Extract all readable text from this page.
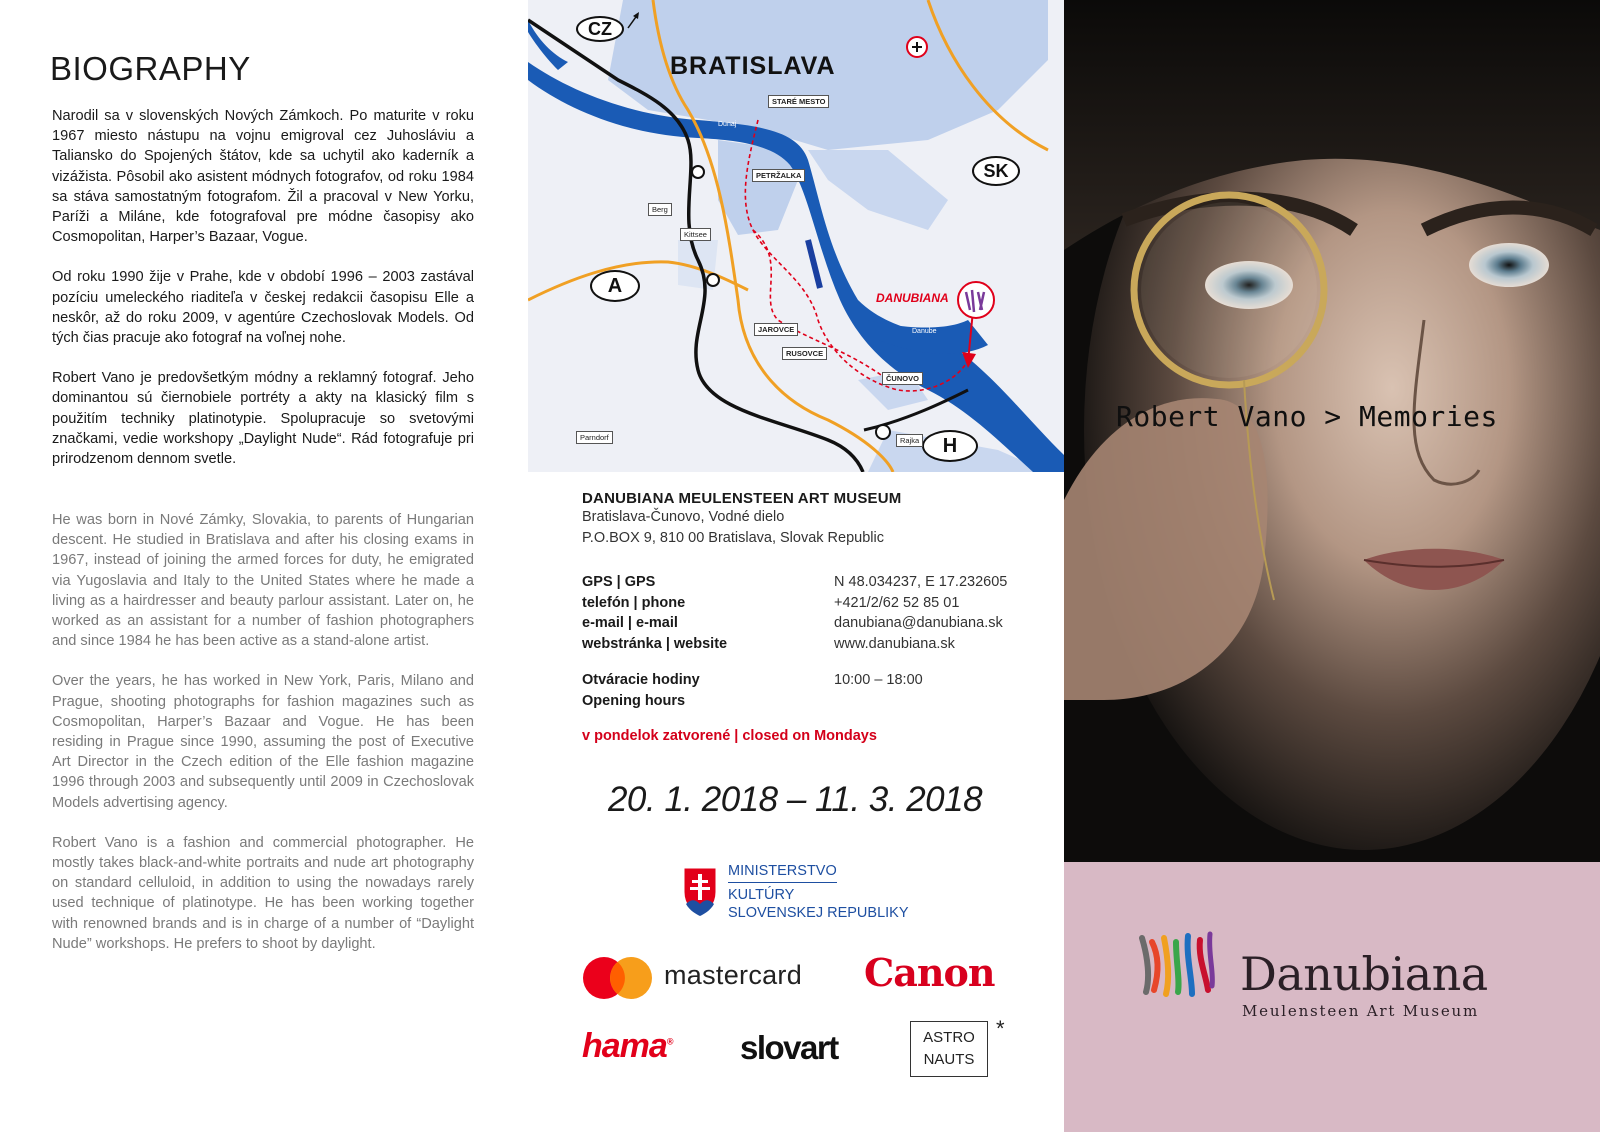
BIOGRAPHY

Narodil sa v slovenských Nových Zámkoch. Po maturite v roku 1967 miesto nástupu na vojnu emigroval cez Juhosláviu a Taliansko do Spojených štátov, kde sa uchytil ako kaderník a vizážista. Pôsobil ako asistent módnych fotografov, od roku 1984 sa stáva samostatným fotografom. Žil a pracoval v New Yorku, Paríži a Miláne, kde fotografoval pre módne časopisy ako Cosmopolitan, Harper’s Bazaar, Vogue.

Od roku 1990 žije v Prahe, kde v období 1996 – 2003 zastával pozíciu umeleckého riaditeľa v českej redakcii časopisu Elle a neskôr, až do roku 2009, v agentúre Czechoslovak Models. Od tých čias pracuje ako fotograf na voľnej nohe.

Robert Vano je predovšetkým módny a reklamný fotograf. Jeho dominantou sú čiernobiele portréty a akty na klasický film s použitím techniky platinotypie. Spolupracuje so svetovými značkami, vedie workshopy „Daylight Nude“. Rád fotografuje pri prirodzenom dennom svetle.

He was born in Nové Zámky, Slovakia, to parents of Hungarian descent. He studied in Bratislava and after his closing exams in 1967, instead of joining the armed forces for duty, he emigrated via Yugoslavia and Italy to the United States where he made a living as a hairdresser and beauty parlour assistant. Later on, he worked as an assistant for a number of fashion photographers and since 1984 he has been active as a stand-alone artist.

Over the years, he has worked in New York, Paris, Milano and Prague, shooting photographs for fashion magazines such as Cosmopolitan, Harper’s Bazaar and Vogue. He has been residing in Prague since 1990, assuming the post of Executive Art Director in the Czech edition of the Elle fashion magazine 1996 through 2003 and subsequently until 2009 in Czechoslovak Models advertising agency.

Robert Vano is a fashion and commercial photographer. He mostly takes black-and-white portraits and nude art photography on standard celluloid, in addition to using the nowadays rarely used technique of platinotype. He has been working together with renowned brands and is in charge of a number of “Daylight Nude” workshops. He prefers to shoot by daylight.

BRATISLAVA
CZ
SK
A
H
STARÉ MESTO
PETRŽALKA
Berg
Kittsee
JAROVCE
RUSOVCE
ČUNOVO
Parndorf	Rajka
DANUBIANA
Dunaj
Danube
DANUBIANA MEULENSTEEN ART MUSEUM
Bratislava-Čunovo, Vodné dielo
P.O.BOX 9, 810 00 Bratislava, Slovak Republic
GPS | GPS	N 48.034237, E 17.232605
telefón | phone	+421/2/62 52 85 01
e-mail | e-mail	danubiana@danubiana.sk
webstránka | website	www.danubiana.sk
Otváracie hodiny
Opening hours
10:00 – 18:00
v pondelok zatvorené | closed on Mondays
20. 1. 2018 – 11. 3. 2018
MINISTERSTVO
KULTÚRY
SLOVENSKEJ REPUBLIKY
mastercard Canon
hama® slovart	ASTRO
NAUTS
*
Robert Vano > Memories
Danubiana
Meulensteen Art Museum
